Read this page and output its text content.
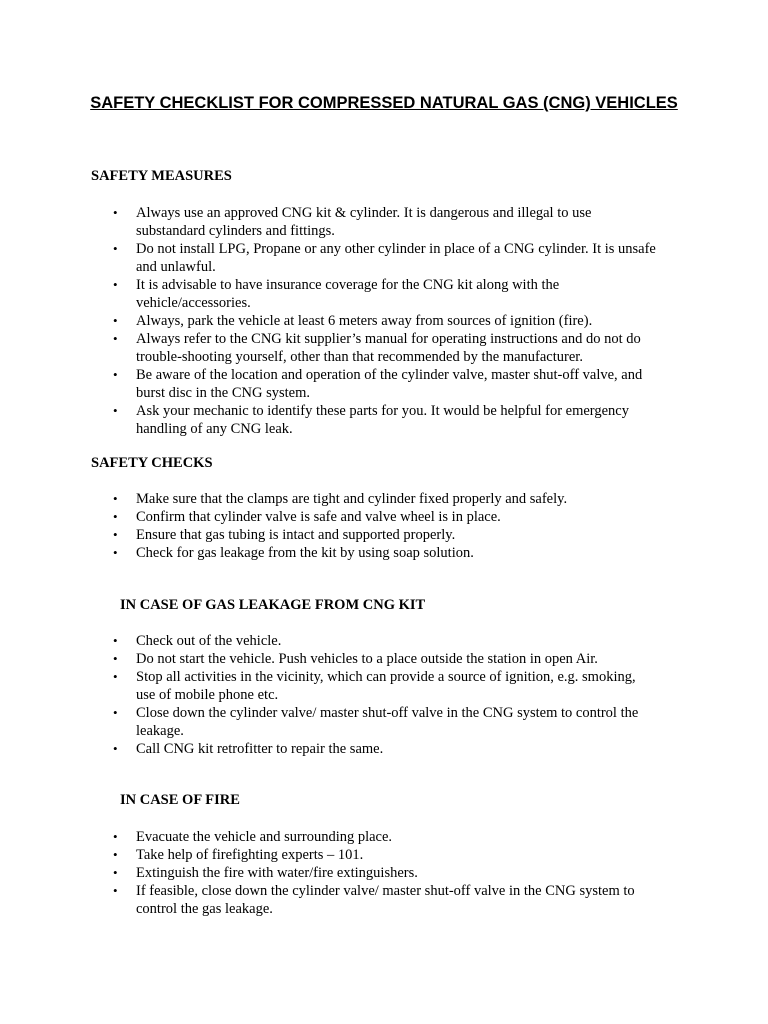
SAFETY CHECKLIST FOR COMPRESSED NATURAL GAS (CNG) VEHICLES
SAFETY MEASURES
• Always use an approved CNG kit & cylinder. It is dangerous and illegal to use
substandard cylinders and fittings.
• Do not install LPG, Propane or any other cylinder in place of a CNG cylinder. It is unsafe
and unlawful.
• It is advisable to have insurance coverage for the CNG kit along with the
vehicle/accessories.
• Always, park the vehicle at least 6 meters away from sources of ignition (fire).
• Always refer to the CNG kit supplier’s manual for operating instructions and do not do
trouble-shooting yourself, other than that recommended by the manufacturer.
• Be aware of the location and operation of the cylinder valve, master shut-off valve, and
burst disc in the CNG system.
• Ask your mechanic to identify these parts for you. It would be helpful for emergency
handling of any CNG leak.
SAFETY CHECKS
• Make sure that the clamps are tight and cylinder fixed properly and safely.
• Confirm that cylinder valve is safe and valve wheel is in place.
• Ensure that gas tubing is intact and supported properly.
• Check for gas leakage from the kit by using soap solution.
IN CASE OF GAS LEAKAGE FROM CNG KIT
• Check out of the vehicle.
• Do not start the vehicle. Push vehicles to a place outside the station in open Air.
• Stop all activities in the vicinity, which can provide a source of ignition, e.g. smoking,
use of mobile phone etc.
• Close down the cylinder valve/ master shut-off valve in the CNG system to control the
leakage.
• Call CNG kit retrofitter to repair the same.
IN CASE OF FIRE
• Evacuate the vehicle and surrounding place.
• Take help of firefighting experts – 101.
• Extinguish the fire with water/fire extinguishers.
• If feasible, close down the cylinder valve/ master shut-off valve in the CNG system to
control the gas leakage.
